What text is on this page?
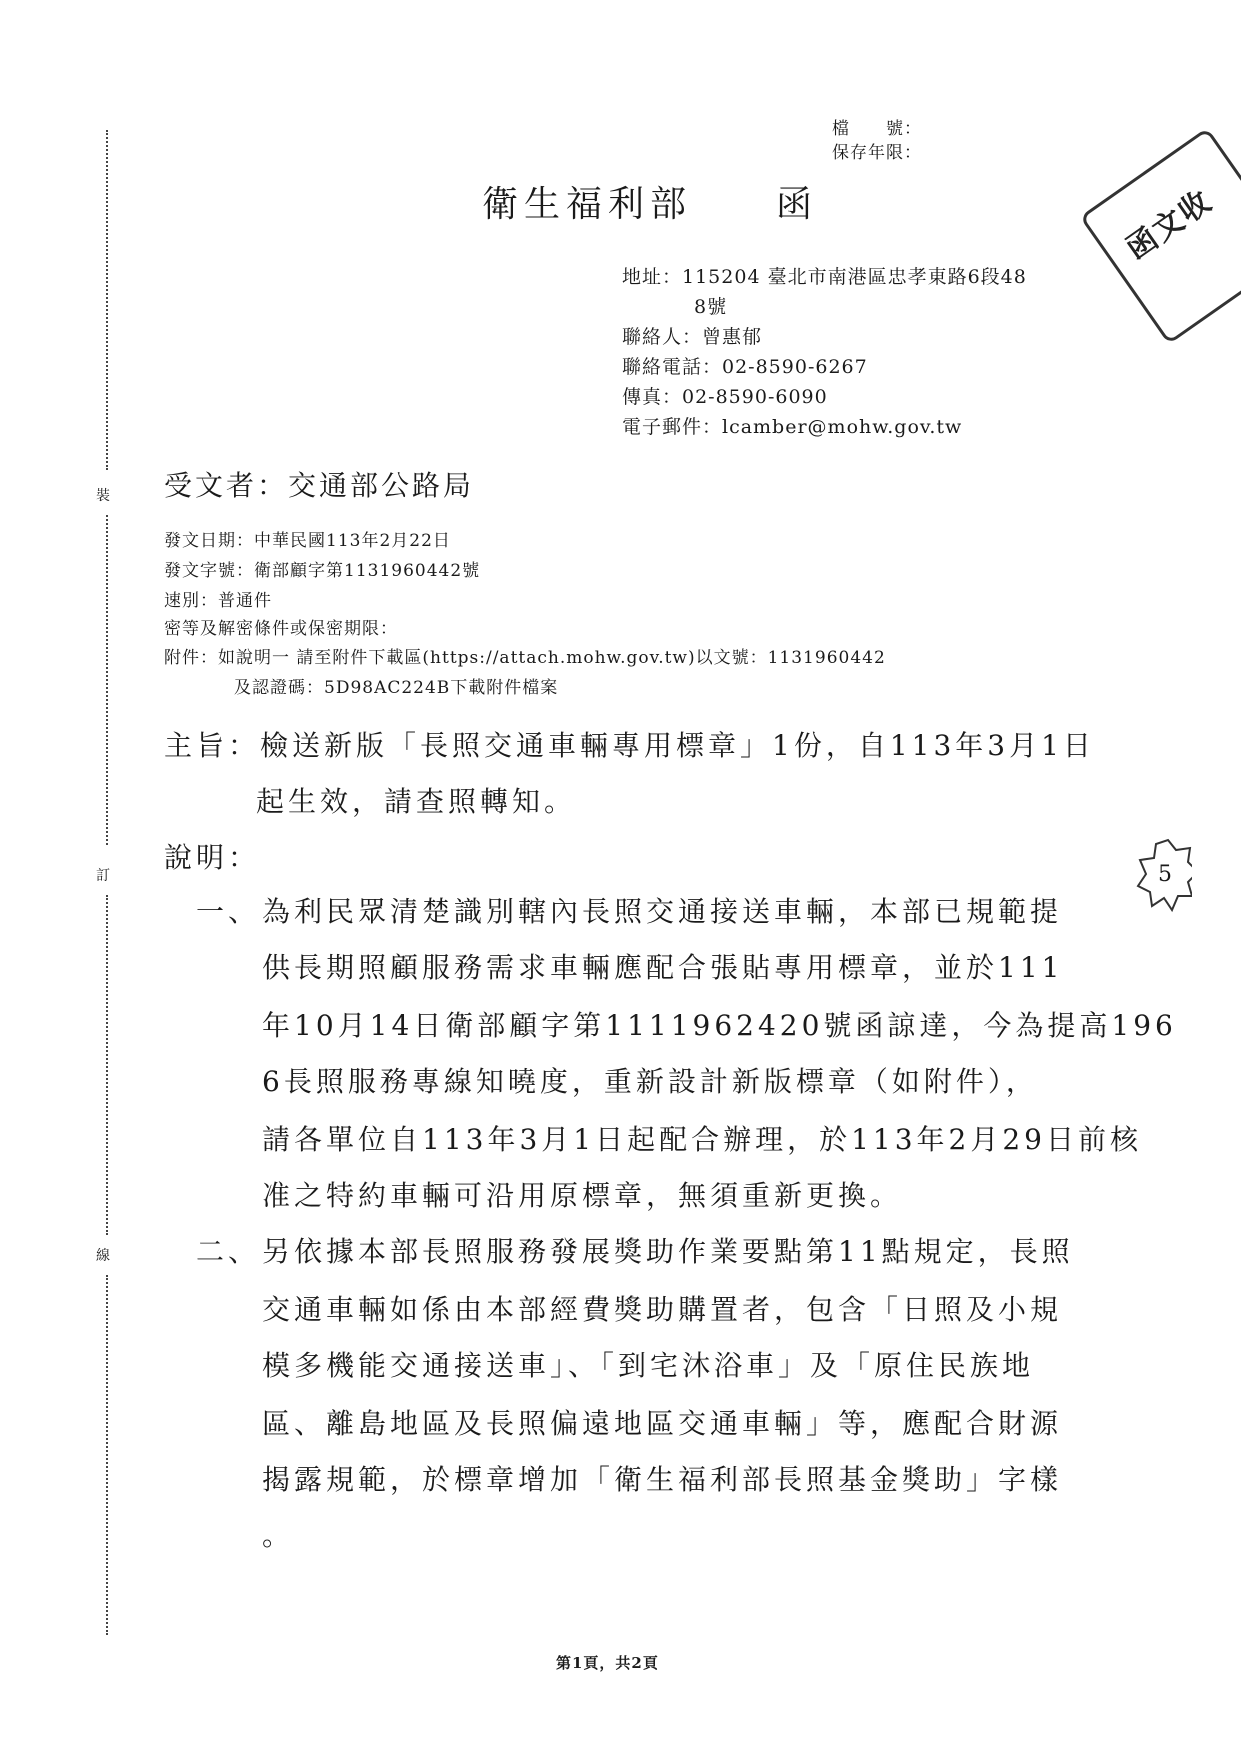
裝
訂
線
檔　　號：
保存年限：
函文收
衛生福利部　　函
地址：115204 臺北市南港區忠孝東路6段48
8號
聯絡人：曾惠郁
聯絡電話：02-8590-6267
傳真：02-8590-6090
電子郵件：lcamber@mohw.gov.tw
受文者：交通部公路局
發文日期：中華民國113年2月22日
發文字號：衛部顧字第1131960442號
速別：普通件
密等及解密條件或保密期限：
附件：如說明一 請至附件下載區(https://attach.mohw.gov.tw)以文號：1131960442
及認證碼：5D98AC224B下載附件檔案
主旨：檢送新版「長照交通車輛專用標章」1份，自113年3月1日
起生效，請查照轉知。
說明：
一、 為利民眾清楚識別轄內長照交通接送車輛，本部已規範提
供長期照顧服務需求車輛應配合張貼專用標章，並於111
年10月14日衛部顧字第1111962420號函諒達，今為提高196
6長照服務專線知曉度，重新設計新版標章（如附件），
請各單位自113年3月1日起配合辦理，於113年2月29日前核
准之特約車輛可沿用原標章，無須重新更換。
二、 另依據本部長照服務發展獎助作業要點第11點規定，長照
交通車輛如係由本部經費獎助購置者，包含「日照及小規
模多機能交通接送車」、「到宅沐浴車」及「原住民族地
區、離島地區及長照偏遠地區交通車輛」等，應配合財源
揭露規範，於標章增加「衛生福利部長照基金獎助」字樣
。
5
第1頁，共2頁
